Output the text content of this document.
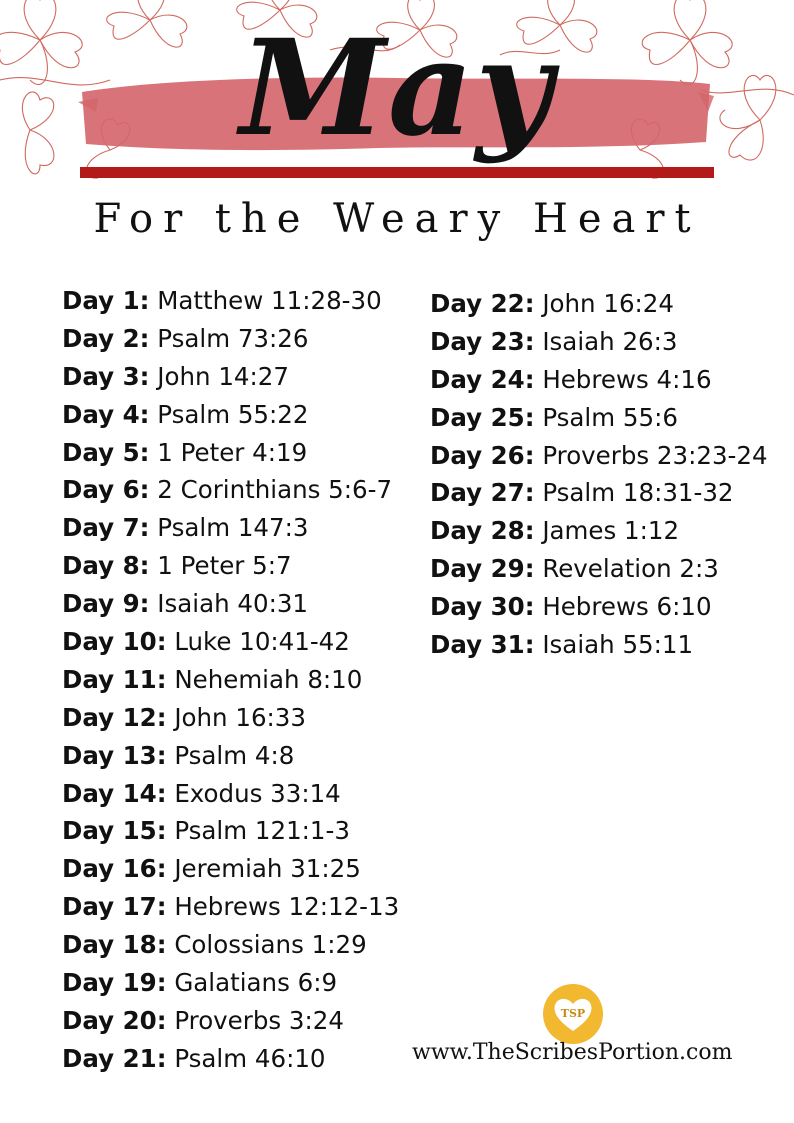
May
For the Weary Heart
Day 1: Matthew 11:28-30
Day 2: Psalm 73:26
Day 3: John 14:27
Day 4: Psalm 55:22
Day 5: 1 Peter 4:19
Day 6: 2 Corinthians 5:6-7
Day 7: Psalm 147:3
Day 8: 1 Peter 5:7
Day 9: Isaiah 40:31
Day 10: Luke 10:41-42
Day 11: Nehemiah 8:10
Day 12: John 16:33
Day 13: Psalm 4:8
Day 14: Exodus 33:14
Day 15: Psalm 121:1-3
Day 16: Jeremiah 31:25
Day 17: Hebrews 12:12-13
Day 18: Colossians 1:29
Day 19: Galatians 6:9
Day 20: Proverbs 3:24
Day 21: Psalm 46:10
Day 22: John 16:24
Day 23: Isaiah 26:3
Day 24: Hebrews 4:16
Day 25: Psalm 55:6
Day 26: Proverbs 23:23-24
Day 27: Psalm 18:31-32
Day 28: James 1:12
Day 29: Revelation 2:3
Day 30: Hebrews 6:10
Day 31: Isaiah 55:11
TSP
www.TheScribesPortion.com
